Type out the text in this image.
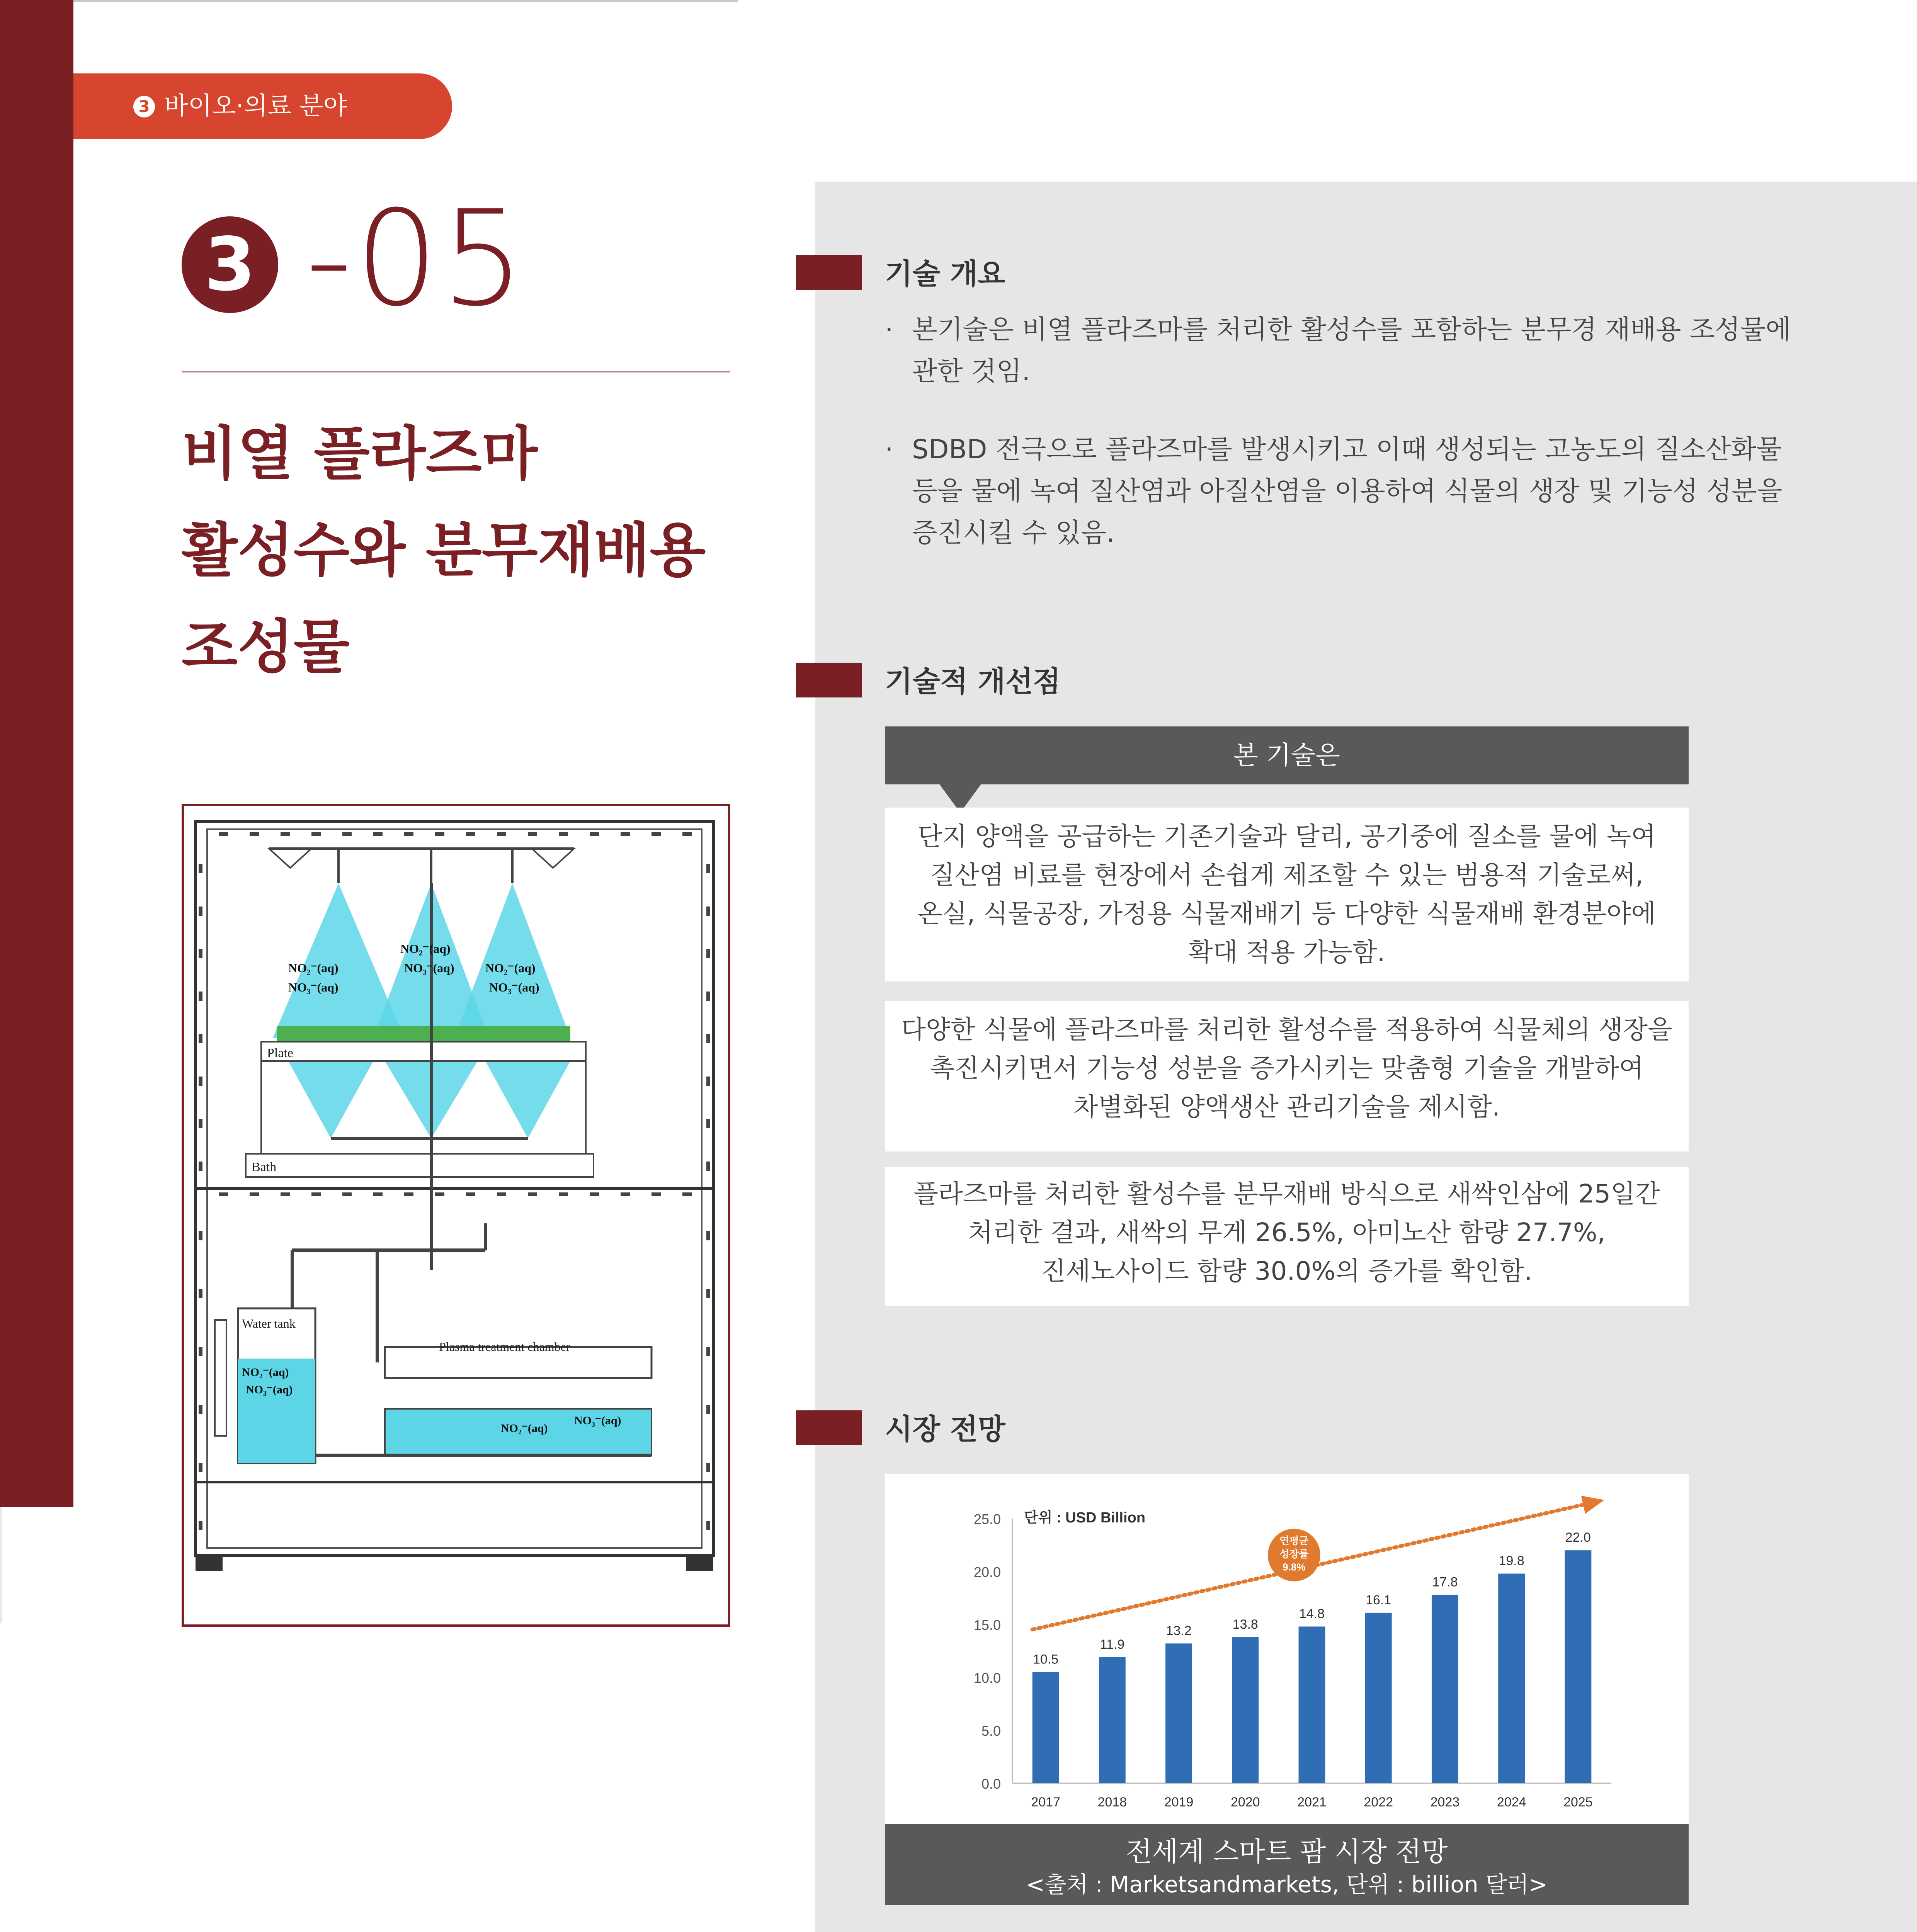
3 바이오·의료 분야
3 -05
비열 플라즈마
활성수와 분무재배용
조성물
Plate
Bath
NO₂⁻(aq)
NO₃⁻(aq)
NO₂⁻(aq)
NO₃⁻(aq)	NO₂⁻(aq)
NO₃⁻(aq)
Water tank
NO₂⁻(aq)
NO₃⁻(aq)
Plasma treatment chamber
NO₂⁻(aq)
NO₃⁻(aq)

기술 개요
· 본기술은 비열 플라즈마를 처리한 활성수를 포함하는 분무경 재배용 조성물에
관한 것임.
· SDBD 전극으로 플라즈마를 발생시키고 이때 생성되는 고농도의 질소산화물
등을 물에 녹여 질산염과 아질산염을 이용하여 식물의 생장 및 기능성 성분을
증진시킬 수 있음.
기술적 개선점
본 기술은
단지 양액을 공급하는 기존기술과 달리, 공기중에 질소를 물에 녹여
질산염 비료를 현장에서 손쉽게 제조할 수 있는 범용적 기술로써,
온실, 식물공장, 가정용 식물재배기 등 다양한 식물재배 환경분야에
확대 적용 가능함.
다양한 식물에 플라즈마를 처리한 활성수를 적용하여 식물체의 생장을
촉진시키면서 기능성 성분을 증가시키는 맞춤형 기술을 개발하여
차별화된 양액생산 관리기술을 제시함.
플라즈마를 처리한 활성수를 분무재배 방식으로 새싹인삼에 25일간
처리한 결과, 새싹의 무게 26.5%, 아미노산 함량 27.7%,
진세노사이드 함량 30.0%의 증가를 확인함.
시장 전망
0.0
5.0
10.0
15.0
20.0
25.0 단위 : USD Billion
10.5
2017
11.9
2018
13.2
2019
13.8
2020
14.8
2021
16.1
2022
17.8
2023
19.8
2024
22.0
2025
연평균
성장률
9.8%
전세계 스마트 팜 시장 전망
<출처 : Marketsandmarkets, 단위 : billion 달러>
